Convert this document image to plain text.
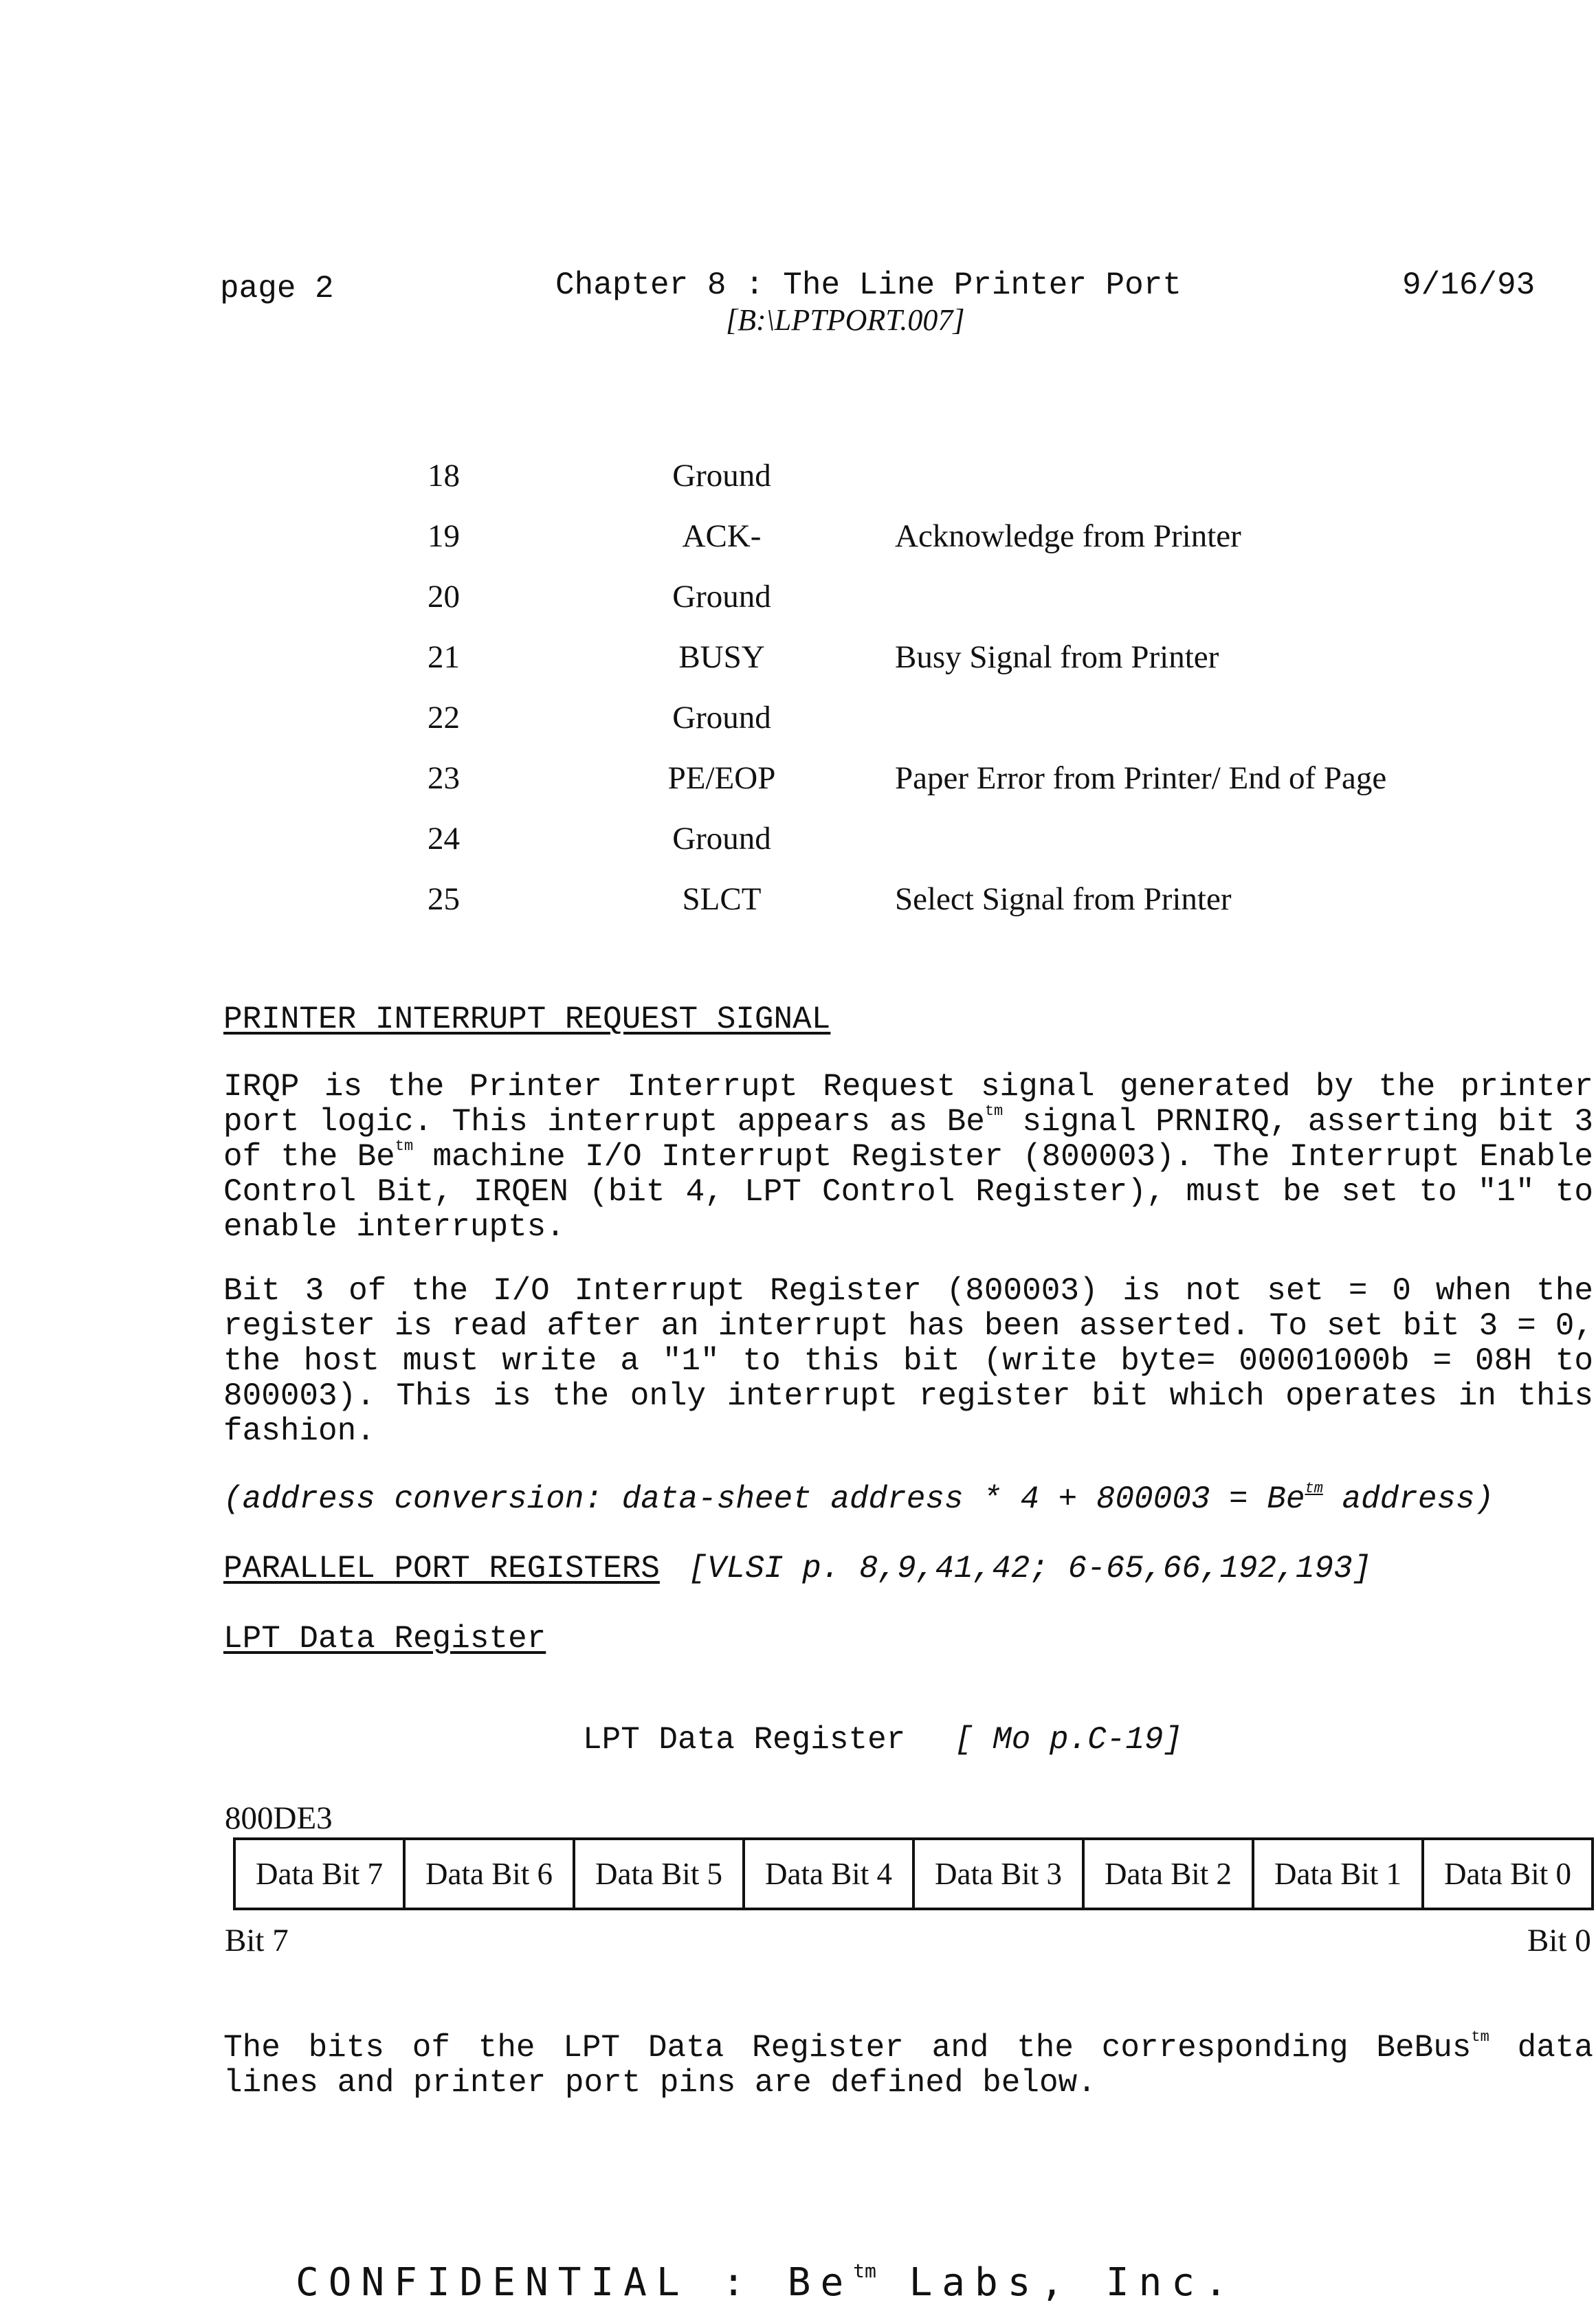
page 2	Chapter 8 : The Line Printer Port
[B:\LPTPORT.007]
9/16/93
18	Ground
19	ACK-	Acknowledge from Printer
20	Ground
21	BUSY	Busy Signal from Printer
22	Ground
23	PE/EOP	Paper Error from Printer/ End of Page
24	Ground
25	SLCT	Select Signal from Printer
PRINTER INTERRUPT REQUEST SIGNAL
IRQP is the Printer Interrupt Request signal generated by the printer port logic. This interrupt appears as $Be^{tm}$ signal PRNIRQ, asserting bit 3 of the $Be^{tm}$ machine I/O Interrupt Register (800003). The Interrupt Enable Control Bit, IRQEN (bit 4, LPT Control Register), must be set to "1" to enable interrupts.
Bit 3 of the I/O Interrupt Register (800003) is not set = 0 when the register is read after an interrupt has been asserted. To set bit 3 = 0, the host must write a "1" to this bit (write byte= 00001000b = 08H to 800003). This is the only interrupt register bit which operates in this fashion.
(address conversion: data-sheet address * $4 + 800003 = Be^{tm}$ address)
PARALLEL PORT REGISTERS [VLSI p. 8,9,41,42; 6-65,66,192,193]
LPT Data Register
LPT Data Register [ Mo p.C-19]
800DE3
Data Bit 7	Data Bit 6	Data Bit 5	Data Bit 4	Data Bit 3	Data Bit 2	Data Bit 1	Data Bit 0
Bit 7	Bit 0
The bits of the LPT Data Register and the corresponding BeBus$^{tm}$ data lines and printer port pins are defined below.
CONFIDENTIAL : $Be^{tm}$ Labs, Inc.
